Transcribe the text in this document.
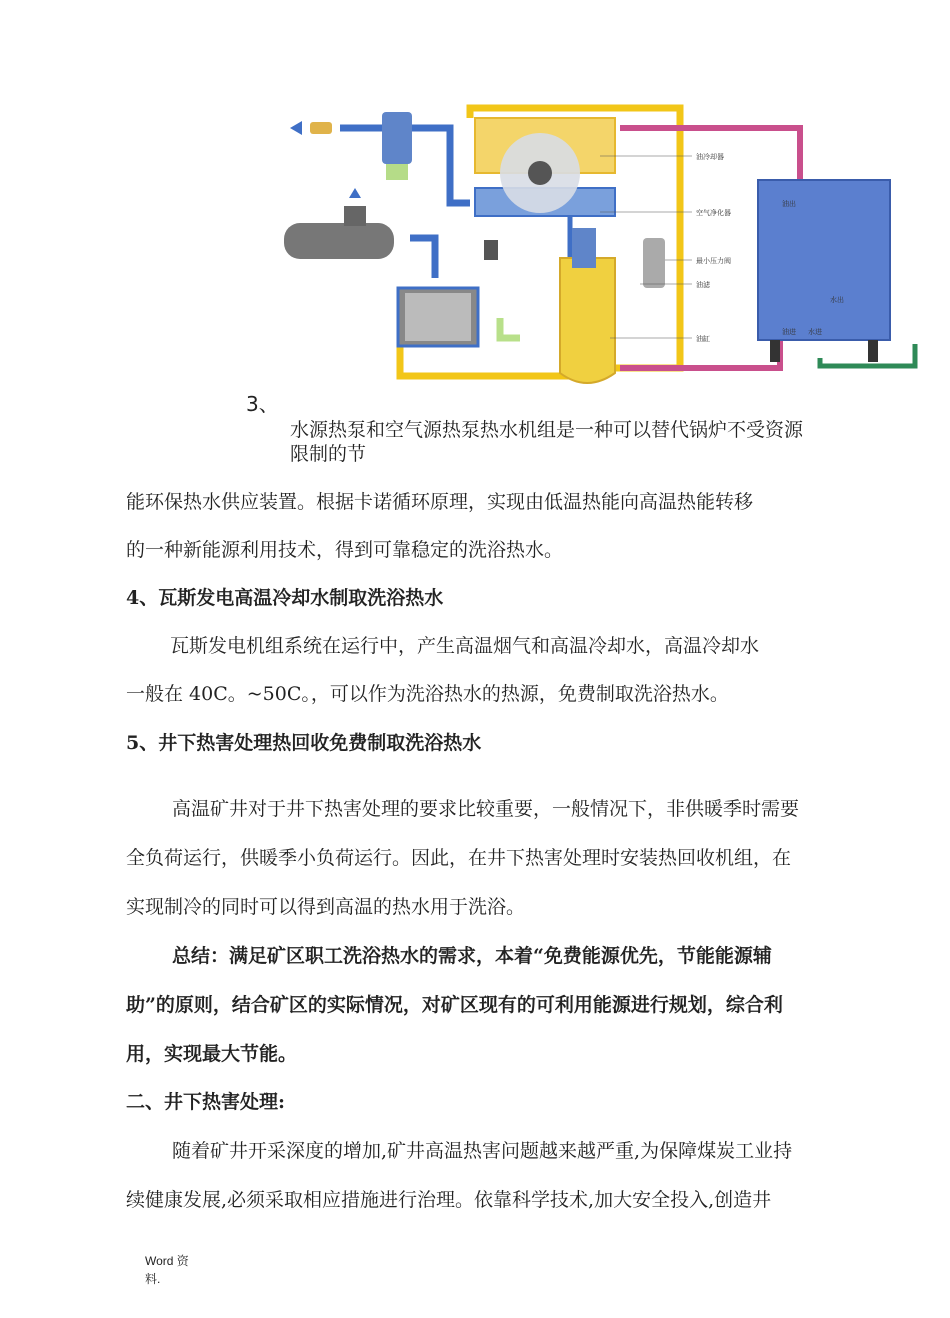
油冷却器
空气净化器
最小压力阀
油滤
油缸
油出
油进 水进
水出
3、
水源热泵和空气源热泵热水机组是一种可以替代锅炉不受资源
限制的节
能环保热水供应装置。根据卡诺循环原理，实现由低温热能向高温热能转移
的一种新能源利用技术，得到可靠稳定的洗浴热水。
4、瓦斯发电高温冷却水制取洗浴热水
瓦斯发电机组系统在运行中，产生高温烟气和高温冷却水，高温冷却水
一般在 40C。~50C。，可以作为洗浴热水的热源，免费制取洗浴热水。
5、井下热害处理热回收免费制取洗浴热水
高温矿井对于井下热害处理的要求比较重要，一般情况下，非供暖季时需要
全负荷运行，供暖季小负荷运行。因此，在井下热害处理时安装热回收机组，在
实现制冷的同时可以得到高温的热水用于洗浴。
总结：满足矿区职工洗浴热水的需求，本着“免费能源优先，节能能源辅
助”的原则，结合矿区的实际情况，对矿区现有的可利用能源进行规划，综合利
用，实现最大节能。
二、井下热害处理:
随着矿井开采深度的增加,矿井高温热害问题越来越严重,为保障煤炭工业持
续健康发展,必须采取相应措施进行治理。依靠科学技术,加大安全投入,创造井
Word 资
料.
